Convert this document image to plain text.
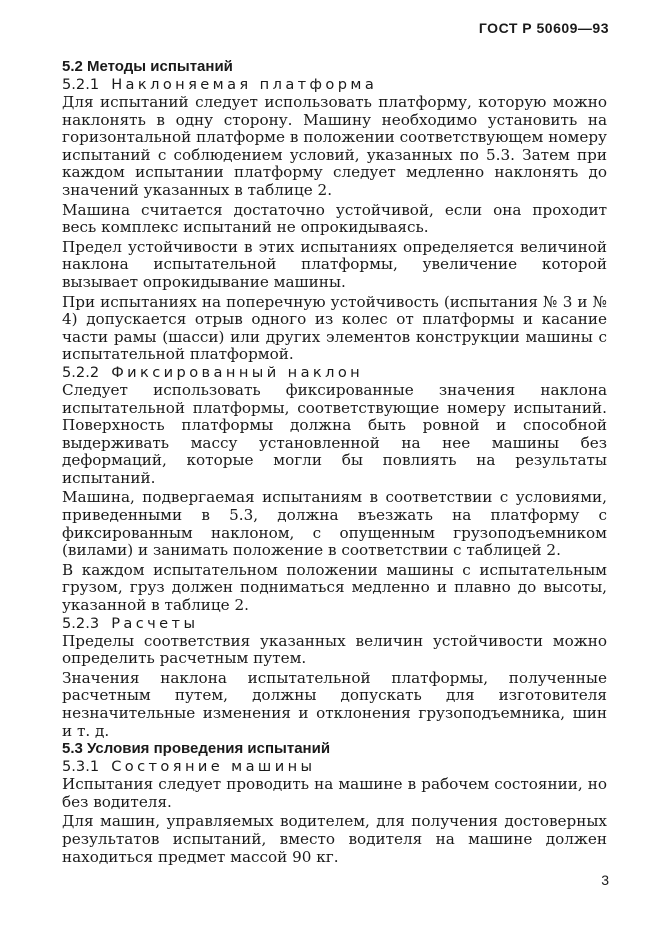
ГОСТ Р 50609—93
5.2 Методы испытаний
5.2.1 Наклоняемая платформа

Для испытаний следует использовать платформу, которую можно наклонять в одну сторону. Машину необходимо установить на горизонтальной платформе в положении соответствующем номеру испытаний с соблюдением условий, указанных по 5.3. Затем при каждом испытании платформу следует медленно наклонять до значений указанных в таблице 2.

Машина считается достаточно устойчивой, если она проходит весь комплекс испытаний не опрокидываясь.

Предел устойчивости в этих испытаниях определяется величиной наклона испытательной платформы, увеличение которой вызывает опрокидывание машины.

При испытаниях на поперечную устойчивость (испытания № 3 и № 4) допускается отрыв одного из колес от платформы и касание части рамы (шасси) или других элементов конструкции машины с испытательной платформой.

5.2.2 Фиксированный наклон

Следует использовать фиксированные значения наклона испытательной платформы, соответствующие номеру испытаний. Поверхность платформы должна быть ровной и способной выдерживать массу установленной на нее машины без деформаций, которые могли бы повлиять на результаты испытаний.

Машина, подвергаемая испытаниям в соответствии с условиями, приведенными в 5.3, должна въезжать на платформу с фиксированным наклоном, с опущенным грузоподъемником (вилами) и занимать положение в соответствии с таблицей 2.

В каждом испытательном положении машины с испытательным грузом, груз должен подниматься медленно и плавно до высоты, указанной в таблице 2.

5.2.3 Расчеты

Пределы соответствия указанных величин устойчивости можно определить расчетным путем.

Значения наклона испытательной платформы, полученные расчетным путем, должны допускать для изготовителя незначительные изменения и отклонения грузоподъемника, шин и т. д.

5.3 Условия проведения испытаний
5.3.1 Состояние машины

Испытания следует проводить на машине в рабочем состоянии, но без водителя.

Для машин, управляемых водителем, для получения достоверных результатов испытаний, вместо водителя на машине должен находиться предмет массой 90 кг.

3
